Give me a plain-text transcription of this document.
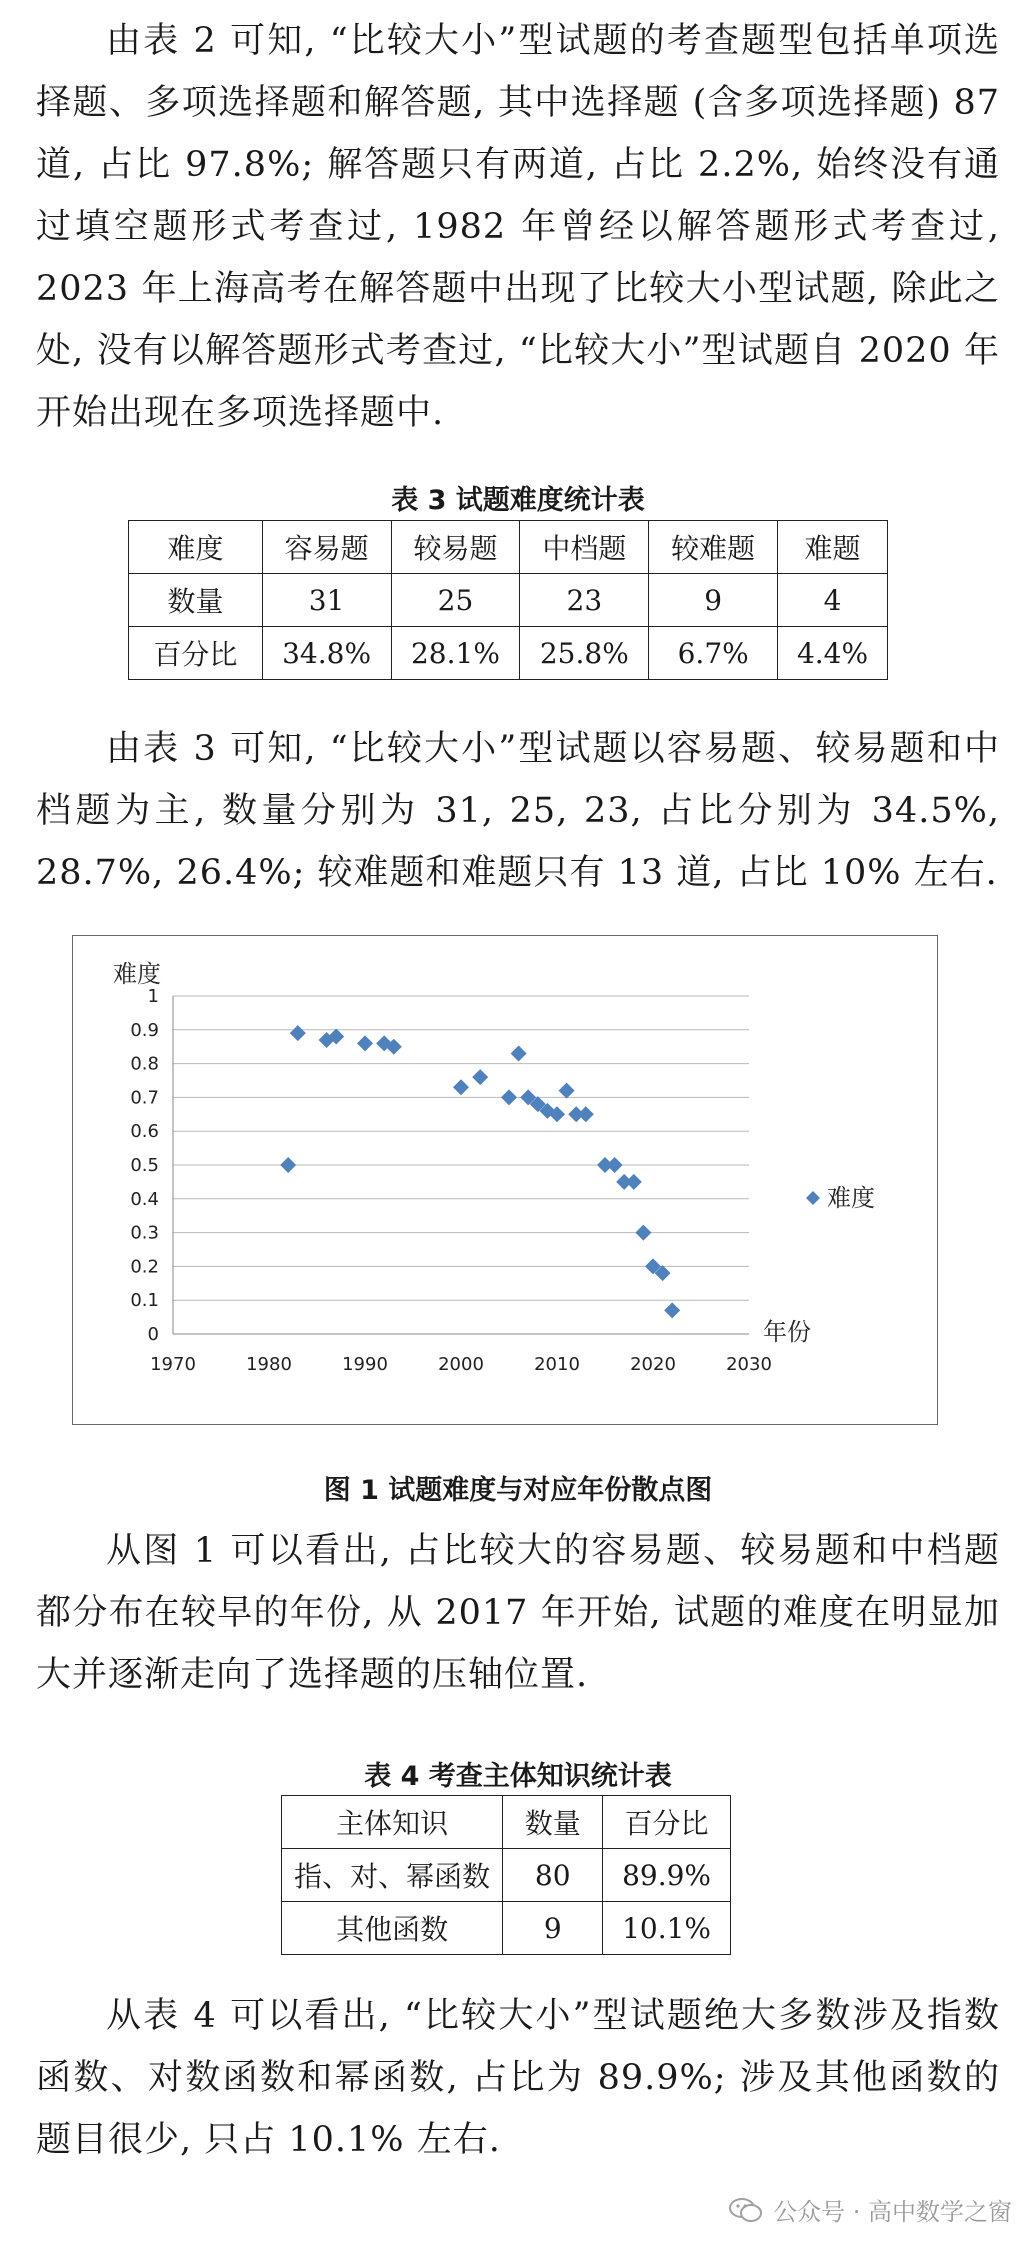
由表 2 可知, “比较大小”型试题的考查题型包括单项选择题、多项选择题和解答题, 其中选择题 (含多项选择题) 87 道, 占比 97.8%; 解答题只有两道, 占比 2.2%, 始终没有通过填空题形式考查过, 1982 年曾经以解答题形式考查过, 2023 年上海高考在解答题中出现了比较大小型试题, 除此之处, 没有以解答题形式考查过, “比较大小”型试题自 2020 年开始出现在多项选择题中.

表 3 试题难度统计表

难度	容易题	较易题	中档题	较难题	难题
数量	31	25	23	9	4
百分比	34.8%	28.1%	25.8%	6.7%	4.4%

由表 3 可知, “比较大小”型试题以容易题、较易题和中档题为主, 数量分别为 31, 25, 23, 占比分别为 34.5%, 28.7%, 26.4%; 较难题和难题只有 13 道, 占比 10% 左右.

0
0.1
0.2
0.3
0.4
0.5
0.6
0.7
0.8
0.9
1
1970	1980	1990	2000	2010	2020	2030
难度
年份
难度

图 1 试题难度与对应年份散点图

从图 1 可以看出, 占比较大的容易题、较易题和中档题都分布在较早的年份, 从 2017 年开始, 试题的难度在明显加大并逐渐走向了选择题的压轴位置.

表 4 考查主体知识统计表

主体知识	数量	百分比
指、对、幂函数	80	89.9%
其他函数	9	10.1%

从表 4 可以看出, “比较大小”型试题绝大多数涉及指数函数、对数函数和幂函数, 占比为 89.9%; 涉及其他函数的题目很少, 只占 10.1% 左右.

公众号 · 高中数学之窗
